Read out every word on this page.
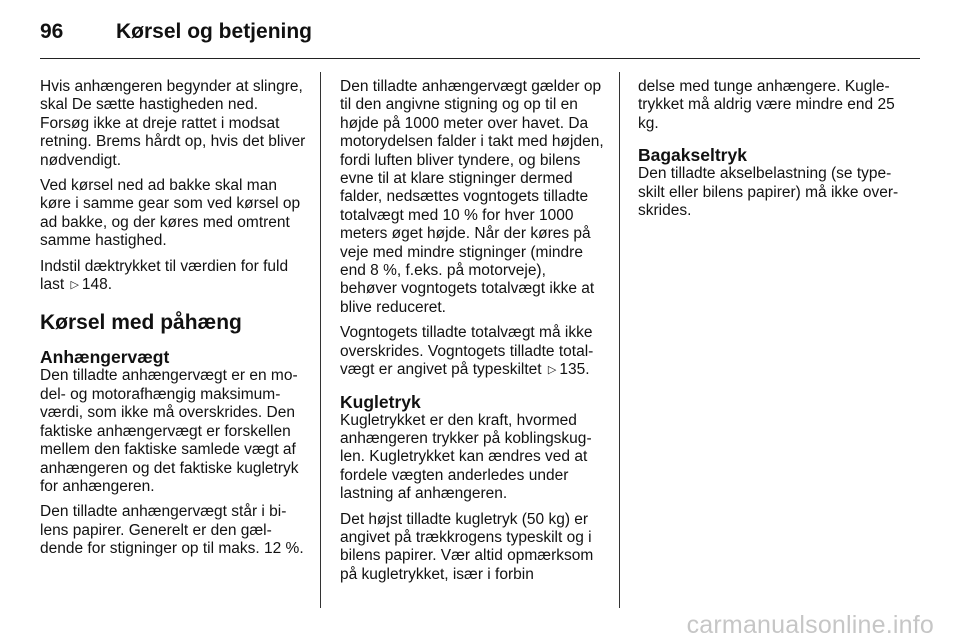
96	Kørsel og betjening

Hvis anhængeren begynder at slingre, skal De sætte hastigheden ned. Forsøg ikke at dreje rattet i modsat retning. Brems hårdt op, hvis det bliver nødvendigt.

Ved kørsel ned ad bakke skal man køre i samme gear som ved kørsel op ad bakke, og der køres med omtrent samme hastighed.

Indstil dæktrykket til værdien for fuld last ▷ 148.

Kørsel med påhæng
Anhængervægt

Den tilladte anhængervægt er en model- og motorafhængig maksimumværdi, som ikke må overskrides. Den faktiske anhængervægt er forskellen mellem den faktiske samlede vægt af anhængeren og det faktiske kugletryk for anhængeren.

Den tilladte anhængervægt står i bilens papirer. Generelt er den gældende for stigninger op til maks. 12 %.

Den tilladte anhængervægt gælder op til den angivne stigning og op til en højde på 1000 meter over havet. Da motorydelsen falder i takt med højden, fordi luften bliver tyndere, og bilens evne til at klare stigninger dermed falder, nedsættes vogntogets tilladte totalvægt med 10 % for hver 1000 meters øget højde. Når der køres på veje med mindre stigninger (mindre end 8 %, f.eks. på motorveje), behøver vogntogets totalvægt ikke at blive reduceret.

Vogntogets tilladte totalvægt må ikke overskrides. Vogntogets tilladte totalvægt er angivet på typeskiltet ▷ 135.

Kugletryk

Kugletrykket er den kraft, hvormed anhængeren trykker på koblingskuglen. Kugletrykket kan ændres ved at fordele vægten anderledes under lastning af anhængeren.

Det højst tilladte kugletryk (50 kg) er angivet på trækkrogens typeskilt og i bilens papirer. Vær altid opmærksom på kugletrykket, især i forbin

delse med tunge anhængere. Kugletrykket må aldrig være mindre end 25 kg.

Bagakseltryk

Den tilladte akselbelastning (se typeskilt eller bilens papirer) må ikke overskrides.

carmanualsonline.info
